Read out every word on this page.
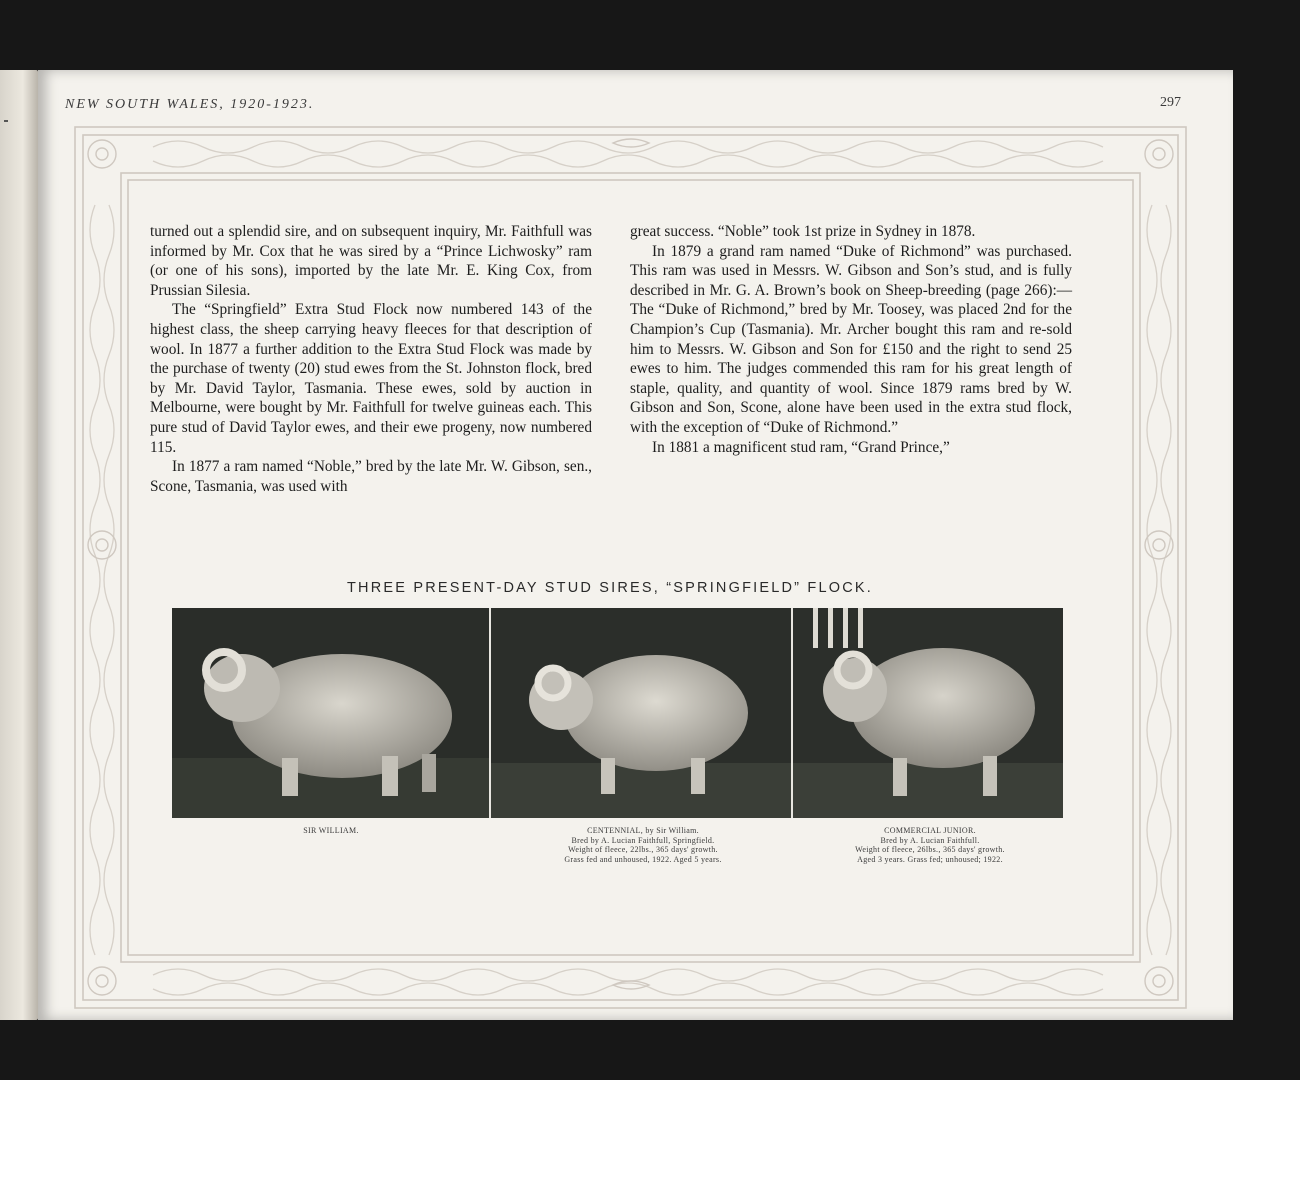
NEW SOUTH WALES, 1920-1923.	297

turned out a splendid sire, and on subsequent inquiry, Mr. Faithfull was informed by Mr. Cox that he was sired by a “Prince Lichwosky” ram (or one of his sons), imported by the late Mr. E. King Cox, from Prussian Silesia.

The “Springfield” Extra Stud Flock now numbered 143 of the highest class, the sheep carrying heavy fleeces for that description of wool. In 1877 a further addition to the Extra Stud Flock was made by the purchase of twenty (20) stud ewes from the St. Johnston flock, bred by Mr. David Taylor, Tasmania. These ewes, sold by auction in Melbourne, were bought by Mr. Faithfull for twelve guineas each. This pure stud of David Taylor ewes, and their ewe progeny, now numbered 115.

In 1877 a ram named “Noble,” bred by the late Mr. W. Gibson, sen., Scone, Tasmania, was used with

great success. “Noble” took 1st prize in Sydney in 1878.

In 1879 a grand ram named “Duke of Richmond” was purchased. This ram was used in Messrs. W. Gibson and Son’s stud, and is fully described in Mr. G. A. Brown’s book on Sheep-breeding (page 266):—The “Duke of Richmond,” bred by Mr. Toosey, was placed 2nd for the Champion’s Cup (Tasmania). Mr. Archer bought this ram and re-sold him to Messrs. W. Gibson and Son for £150 and the right to send 25 ewes to him. The judges commended this ram for his great length of staple, quality, and quantity of wool. Since 1879 rams bred by W. Gibson and Son, Scone, alone have been used in the extra stud flock, with the exception of “Duke of Richmond.”

In 1881 a magnificent stud ram, “Grand Prince,”

THREE PRESENT-DAY STUD SIRES, “SPRINGFIELD” FLOCK.
SIR WILLIAM.	CENTENNIAL, by Sir William.
Bred by A. Lucian Faithfull, Springfield.
Weight of fleece, 22lbs., 365 days' growth.
Grass fed and unhoused, 1922. Aged 5 years.
COMMERCIAL JUNIOR.
Bred by A. Lucian Faithfull.
Weight of fleece, 26lbs., 365 days' growth.
Aged 3 years. Grass fed; unhoused; 1922.
